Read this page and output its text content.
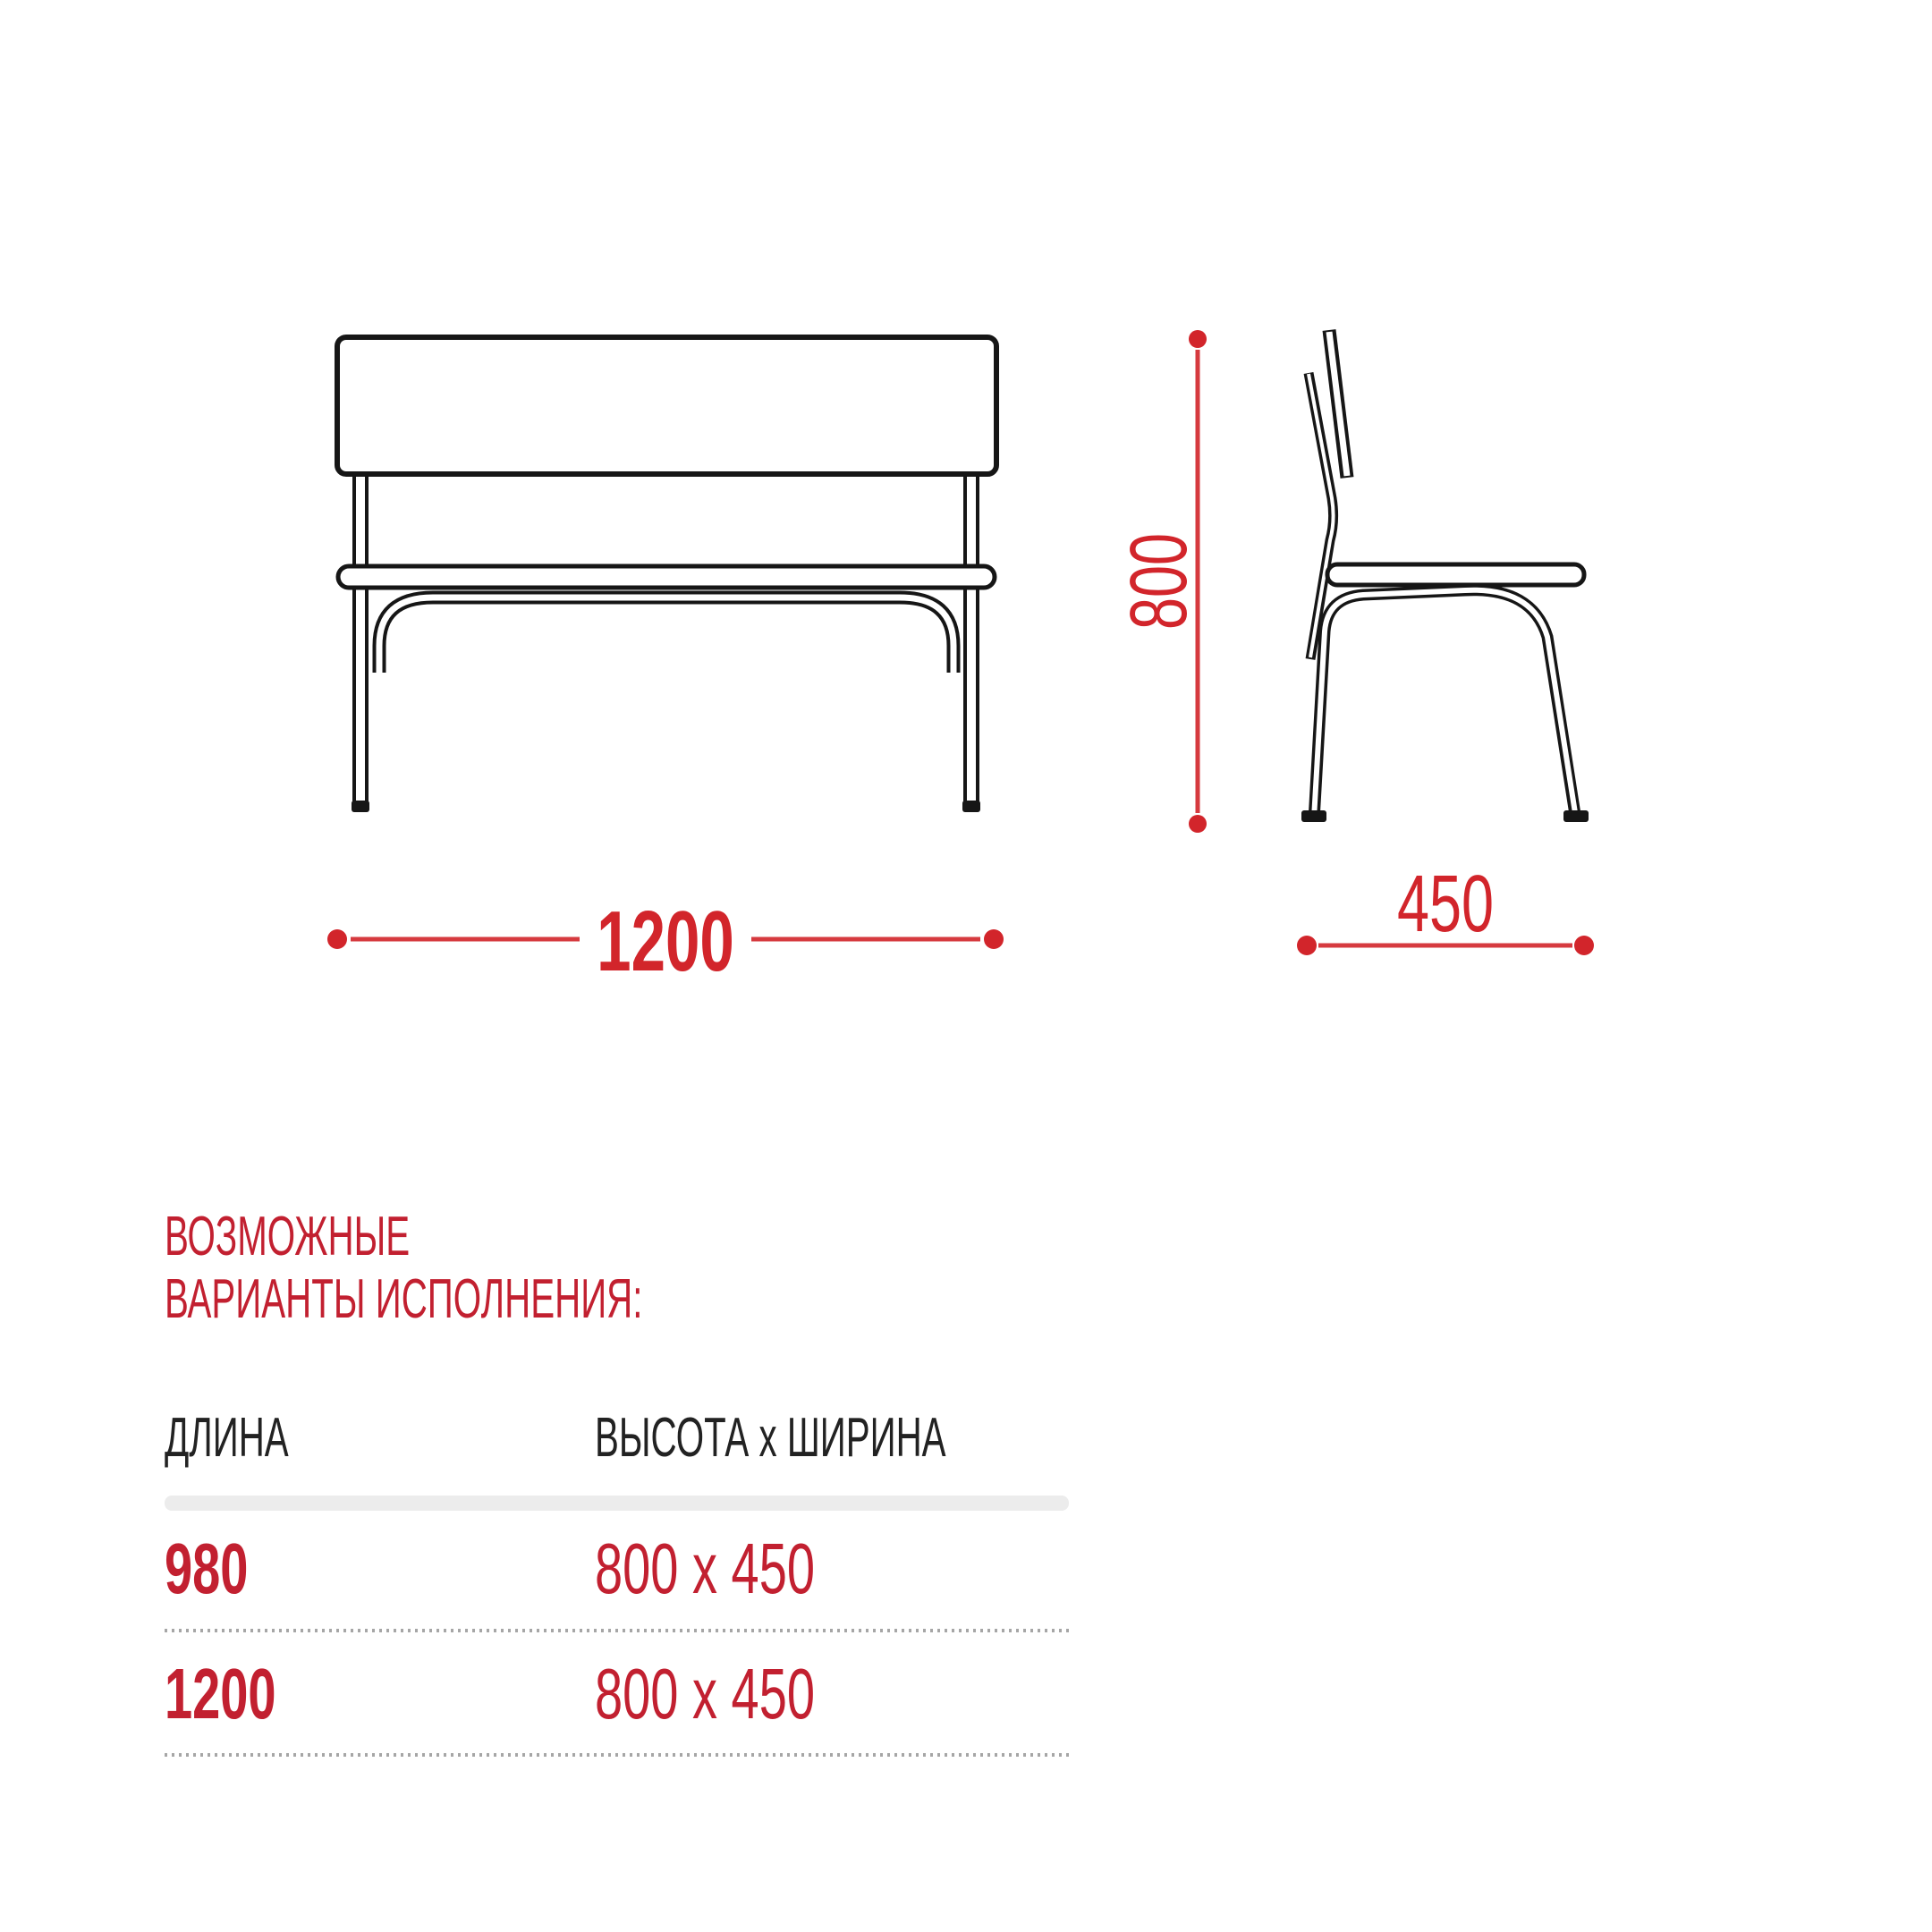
1200
800
450
ВОЗМОЖНЫЕ
ВАРИАНТЫ ИСПОЛНЕНИЯ:
ДЛИНА	ВЫСОТА x ШИРИНА
980	800 x 450
1200	800 x 450
